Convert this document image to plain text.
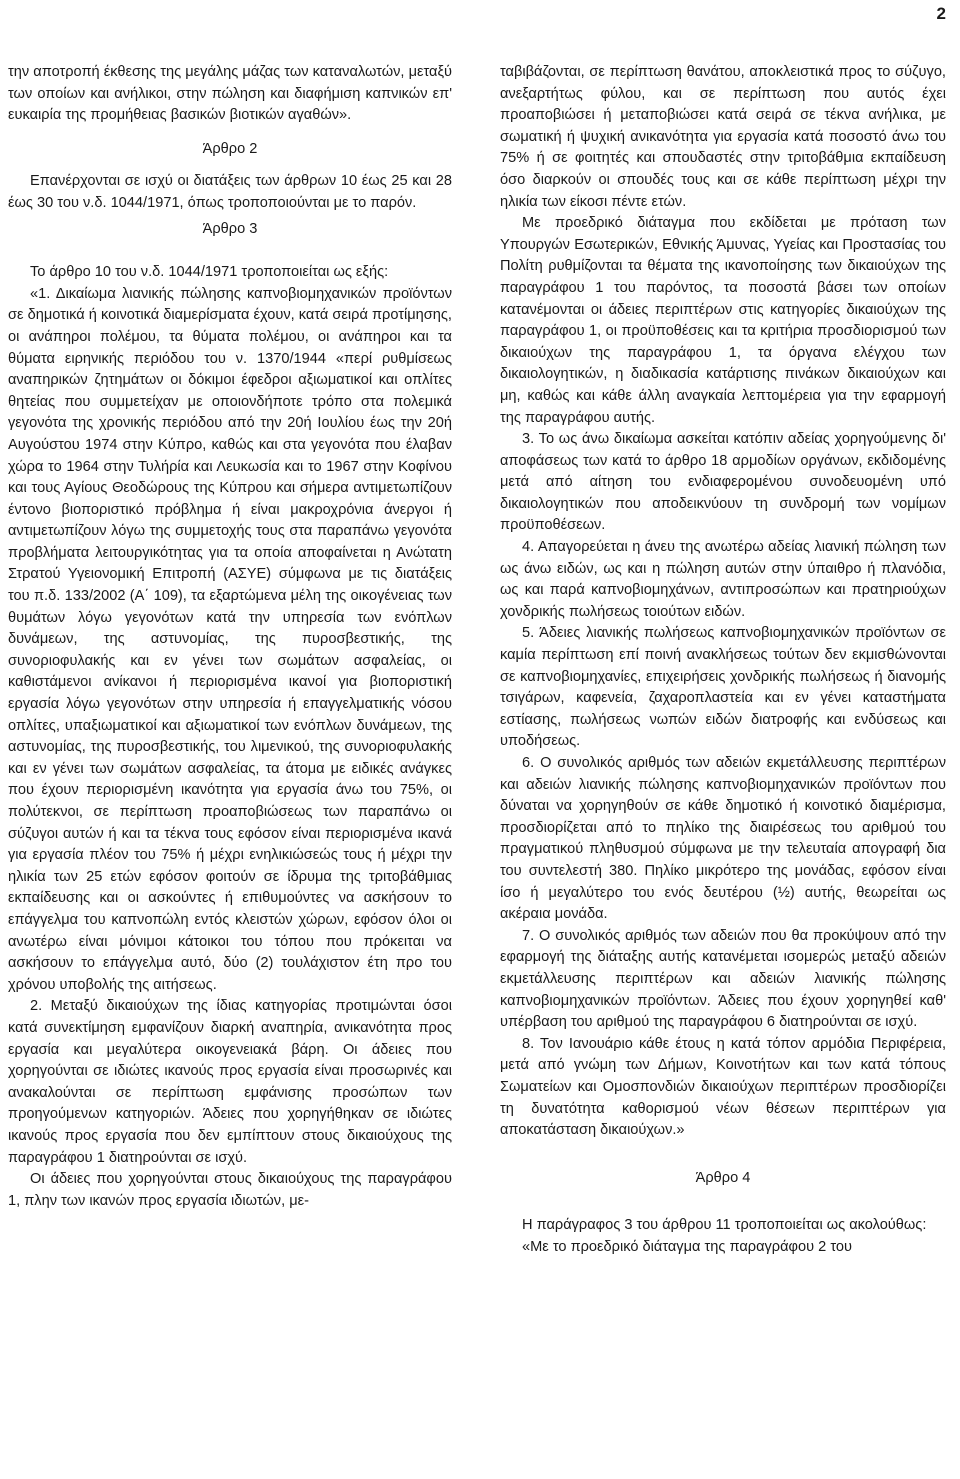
2

την αποτροπή έκθεσης της μεγάλης μάζας των καταναλωτών, μεταξύ των οποίων και ανήλικοι, στην πώληση και διαφήμιση καπνικών επ' ευκαιρία της προμήθειας βασικών βιοτικών αγαθών».

Άρθρο 2

Επανέρχονται σε ισχύ οι διατάξεις των άρθρων 10 έως 25 και 28 έως 30 του ν.δ. 1044/1971, όπως τροποποιούνται με το παρόν.

Άρθρο 3

Το άρθρο 10 του ν.δ. 1044/1971 τροποποιείται ως εξής:

«1. Δικαίωμα λιανικής πώλησης καπνοβιομηχανικών προϊόντων σε δημοτικά ή κοινοτικά διαμερίσματα έχουν, κατά σειρά προτίμησης, οι ανάπηροι πολέμου, τα θύματα πολέμου, οι ανάπηροι και τα θύματα ειρηνικής περιόδου του ν. 1370/1944 «περί ρυθμίσεως αναπηρικών ζητημάτων οι δόκιμοι έφεδροι αξιωματικοί και οπλίτες θητείας που συμμετείχαν με οποιονδήποτε τρόπο στα πολεμικά γεγονότα της χρονικής περιόδου από την 20ή Ιουλίου έως την 20ή Αυγούστου 1974 στην Κύπρο, καθώς και στα γεγονότα που έλαβαν χώρα το 1964 στην Τυλήρία και Λευκωσία και το 1967 στην Κοφίνου και τους Αγίους Θεοδώρους της Κύπρου και σήμερα αντιμετωπίζουν έντονο βιοποριστικό πρόβλημα ή είναι μακροχρόνια άνεργοι ή αντιμετωπίζουν λόγω της συμμετοχής τους στα παραπάνω γεγονότα προβλήματα λειτουργικότητας για τα οποία αποφαίνεται η Ανώτατη Στρατού Υγειονομική Επιτροπή (ΑΣΥΕ) σύμφωνα με τις διατάξεις του π.δ. 133/2002 (Α΄ 109), τα εξαρτώμενα μέλη της οικογένειας των θυμάτων λόγω γεγονότων κατά την υπηρεσία των ενόπλων δυνάμεων, της αστυνομίας, της πυροσβεστικής, της συνοριοφυλακής και εν γένει των σωμάτων ασφαλείας, οι καθιστάμενοι ανίκανοι ή περιορισμένα ικανοί για βιοποριστική εργασία λόγω γεγονότων στην υπηρεσία ή επαγγελματικής νόσου οπλίτες, υπαξιωματικοί και αξιωματικοί των ενόπλων δυνάμεων, της αστυνομίας, της πυροσβεστικής, του λιμενικού, της συνοριοφυλακής και εν γένει των σωμάτων ασφαλείας, τα άτομα με ειδικές ανάγκες που έχουν περιορισμένη ικανότητα για εργασία άνω του 75%, οι πολύτεκνοι, σε περίπτωση προαποβιώσεως των παραπάνω οι σύζυγοι αυτών ή και τα τέκνα τους εφόσον είναι περιορισμένα ικανά για εργασία πλέον του 75% ή μέχρι ενηλικιώσεώς τους ή μέχρι την ηλικία των 25 ετών εφόσον φοιτούν σε ίδρυμα της τριτοβάθμιας εκπαίδευσης και οι ασκούντες ή επιθυμούντες να ασκήσουν το επάγγελμα του καπνοπώλη εντός κλειστών χώρων, εφόσον όλοι οι ανωτέρω είναι μόνιμοι κάτοικοι του τόπου που πρόκειται να ασκήσουν το επάγγελμα αυτό, δύο (2) τουλάχιστον έτη προ του χρόνου υποβολής της αιτήσεως.

2. Μεταξύ δικαιούχων της ίδιας κατηγορίας προτιμώνται όσοι κατά συνεκτίμηση εμφανίζουν διαρκή αναπηρία, ανικανότητα προς εργασία και μεγαλύτερα οικογενειακά βάρη. Οι άδειες που χορηγούνται σε ιδιώτες ικανούς προς εργασία είναι προσωρινές και ανακαλούνται σε περίπτωση εμφάνισης προσώπων των προηγούμενων κατηγοριών. Άδειες που χορηγήθηκαν σε ιδιώτες ικανούς προς εργασία που δεν εμπίπτουν στους δικαιούχους της παραγράφου 1 διατηρούνται σε ισχύ.

Οι άδειες που χορηγούνται στους δικαιούχους της παραγράφου 1, πλην των ικανών προς εργασία ιδιωτών, με-

ταβιβάζονται, σε περίπτωση θανάτου, αποκλειστικά προς το σύζυγο, ανεξαρτήτως φύλου, και σε περίπτωση που αυτός έχει προαποβιώσει ή μεταποβιώσει κατά σειρά σε τέκνα ανήλικα, με σωματική ή ψυχική ανικανότητα για εργασία κατά ποσοστό άνω του 75% ή σε φοιτητές και σπουδαστές στην τριτοβάθμια εκπαίδευση όσο διαρκούν οι σπουδές τους και σε κάθε περίπτωση μέχρι την ηλικία των είκοσι πέντε ετών.

Με προεδρικό διάταγμα που εκδίδεται με πρόταση των Υπουργών Εσωτερικών, Εθνικής Άμυνας, Υγείας και Προστασίας του Πολίτη ρυθμίζονται τα θέματα της ικανοποίησης των δικαιούχων της παραγράφου 1 του παρόντος, τα ποσοστά βάσει των οποίων κατανέμονται οι άδειες περιπτέρων στις κατηγορίες δικαιούχων της παραγράφου 1, οι προϋποθέσεις και τα κριτήρια προσδιορισμού των δικαιούχων της παραγράφου 1, τα όργανα ελέγχου των δικαιολογητικών, η διαδικασία κατάρτισης πινάκων δικαιούχων και μη, καθώς και κάθε άλλη αναγκαία λεπτομέρεια για την εφαρμογή της παραγράφου αυτής.

3. Το ως άνω δικαίωμα ασκείται κατόπιν αδείας χορηγούμενης δι' αποφάσεως των κατά το άρθρο 18 αρμοδίων οργάνων, εκδιδομένης μετά από αίτηση του ενδιαφερομένου συνοδευομένη υπό δικαιολογητικών που αποδεικνύουν τη συνδρομή των νομίμων προϋποθέσεων.

4. Απαγορεύεται η άνευ της ανωτέρω αδείας λιανική πώληση των ως άνω ειδών, ως και η πώληση αυτών στην ύπαιθρο ή πλανόδια, ως και παρά καπνοβιομηχάνων, αντιπροσώπων και πρατηριούχων χονδρικής πωλήσεως τοιούτων ειδών.

5. Άδειες λιανικής πωλήσεως καπνοβιομηχανικών προϊόντων σε καμία περίπτωση επί ποινή ανακλήσεως τούτων δεν εκμισθώνονται σε καπνοβιομηχανίες, επιχειρήσεις χονδρικής πωλήσεως ή διανομής τσιγάρων, καφενεία, ζαχαροπλαστεία και εν γένει καταστήματα εστίασης, πωλήσεως νωπών ειδών διατροφής και ενδύσεως και υποδήσεως.

6. Ο συνολικός αριθμός των αδειών εκμετάλλευσης περιπτέρων και αδειών λιανικής πώλησης καπνοβιομηχανικών προϊόντων που δύναται να χορηγηθούν σε κάθε δημοτικό ή κοινοτικό διαμέρισμα, προσδιορίζεται από το πηλίκο της διαιρέσεως του αριθμού του πραγματικού πληθυσμού σύμφωνα με την τελευταία απογραφή δια του συντελεστή 380. Πηλίκο μικρότερο της μονάδας, εφόσον είναι ίσο ή μεγαλύτερο του ενός δευτέρου (½) αυτής, θεωρείται ως ακέραια μονάδα.

7. Ο συνολικός αριθμός των αδειών που θα προκύψουν από την εφαρμογή της διάταξης αυτής κατανέμεται ισομερώς μεταξύ αδειών εκμετάλλευσης περιπτέρων και αδειών λιανικής πώλησης καπνοβιομηχανικών προϊόντων. Άδειες που έχουν χορηγηθεί καθ' υπέρβαση του αριθμού της παραγράφου 6 διατηρούνται σε ισχύ.

8. Τον Ιανουάριο κάθε έτους η κατά τόπον αρμόδια Περιφέρεια, μετά από γνώμη των Δήμων, Κοινοτήτων και των κατά τόπους Σωματείων και Ομοσπονδιών δικαιούχων περιπτέρων προσδιορίζει τη δυνατότητα καθορισμού νέων θέσεων περιπτέρων για αποκατάσταση δικαιούχων.»

Άρθρο 4

Η παράγραφος 3 του άρθρου 11 τροποποιείται ως ακολούθως:

«Με το προεδρικό διάταγμα της παραγράφου 2 του
